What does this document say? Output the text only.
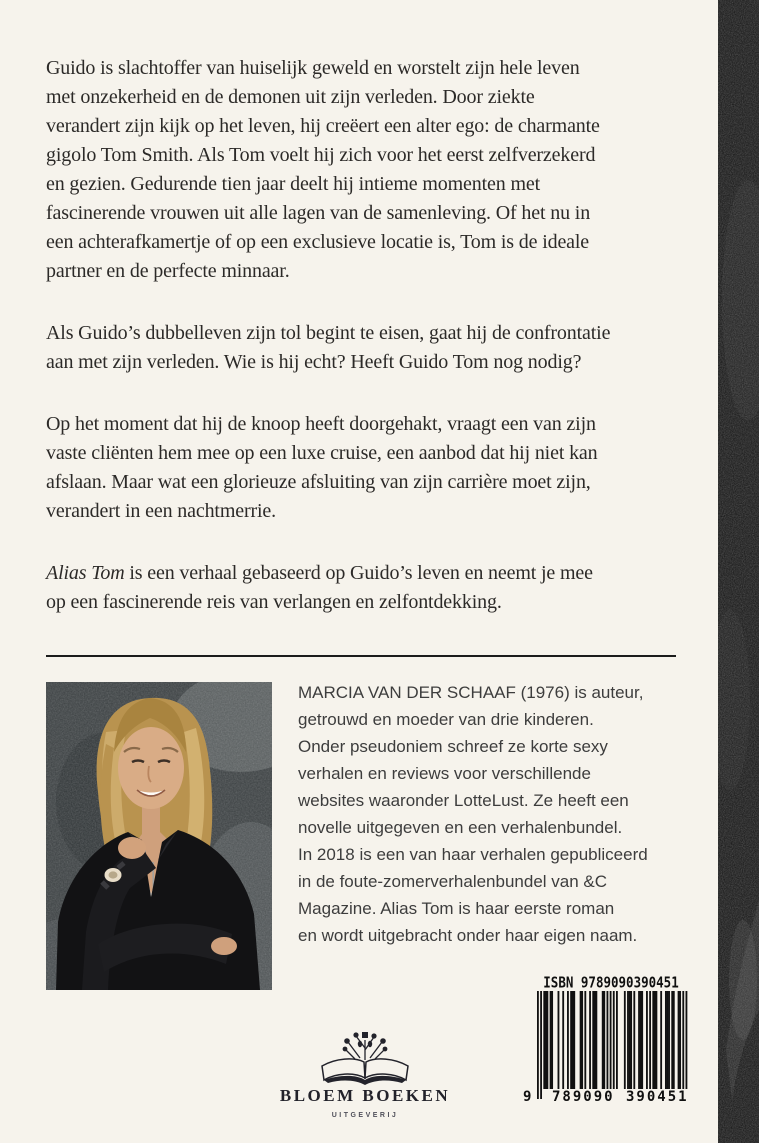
Guido is slachtoffer van huiselijk geweld en worstelt zijn hele leven
met onzekerheid en de demonen uit zijn verleden. Door ziekte
verandert zijn kijk op het leven, hij creëert een alter ego: de charmante
gigolo Tom Smith. Als Tom voelt hij zich voor het eerst zelfverzekerd
en gezien. Gedurende tien jaar deelt hij intieme momenten met
fascinerende vrouwen uit alle lagen van de samenleving. Of het nu in
een achterafkamertje of op een exclusieve locatie is, Tom is de ideale
partner en de perfecte minnaar.
Als Guido’s dubbelleven zijn tol begint te eisen, gaat hij de confrontatie
aan met zijn verleden. Wie is hij echt? Heeft Guido Tom nog nodig?
Op het moment dat hij de knoop heeft doorgehakt, vraagt een van zijn
vaste cliënten hem mee op een luxe cruise, een aanbod dat hij niet kan
afslaan. Maar wat een glorieuze afsluiting van zijn carrière moet zijn,
verandert in een nachtmerrie.
Alias Tom is een verhaal gebaseerd op Guido’s leven en neemt je mee
op een fascinerende reis van verlangen en zelfontdekking.
MARCIA VAN DER SCHAAF (1976) is auteur,
getrouwd en moeder van drie kinderen.
Onder pseudoniem schreef ze korte sexy
verhalen en reviews voor verschillende
websites waaronder LotteLust. Ze heeft een
novelle uitgegeven en een verhalenbundel.
In 2018 is een van haar verhalen gepubliceerd
in de foute-zomerverhalenbundel van &C
Magazine. Alias Tom is haar eerste roman
en wordt uitgebracht onder haar eigen naam.
BLOEM BOEKEN
UITGEVERIJ
ISBN 9789090390451
9 789090 390451
